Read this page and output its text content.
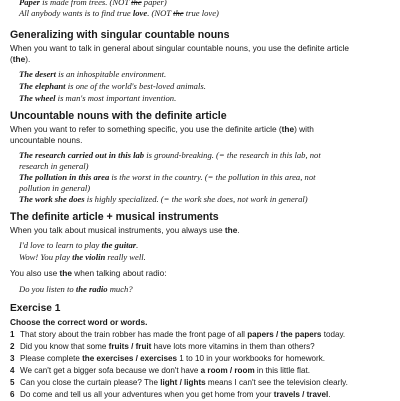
Paper is made from trees. (NOT the paper)
All anybody wants is to find true love. (NOT the true love)
Generalizing with singular countable nouns
When you want to talk in general about singular countable nouns, you use the definite article
(the).
The desert is an inhospitable environment.
The elephant is one of the world's best-loved animals.
The wheel is man's most important invention.
Uncountable nouns with the definite article
When you want to refer to something specific, you use the definite article (the) with
uncountable nouns.
The research carried out in this lab is ground-breaking. (= the research in this lab, not
research in general)
The pollution in this area is the worst in the country. (= the pollution in this area, not
pollution in general)
The work she does is highly specialized. (= the work she does, not work in general)
The definite article + musical instruments
When you talk about musical instruments, you always use the.
I'd love to learn to play the guitar.
Wow! You play the violin really well.
You also use the when talking about radio:
Do you listen to the radio much?
Exercise 1
Choose the correct word or words.
1 That story about the train robber has made the front page of all papers / the papers today.
2 Did you know that some fruits / fruit have lots more vitamins in them than others?
3 Please complete the exercises / exercises 1 to 10 in your workbooks for homework.
4 We can't get a bigger sofa because we don't have a room / room in this little flat.
5 Can you close the curtain please? The light / lights means I can't see the television clearly.
6 Do come and tell us all your adventures when you get home from your travels / travel.
